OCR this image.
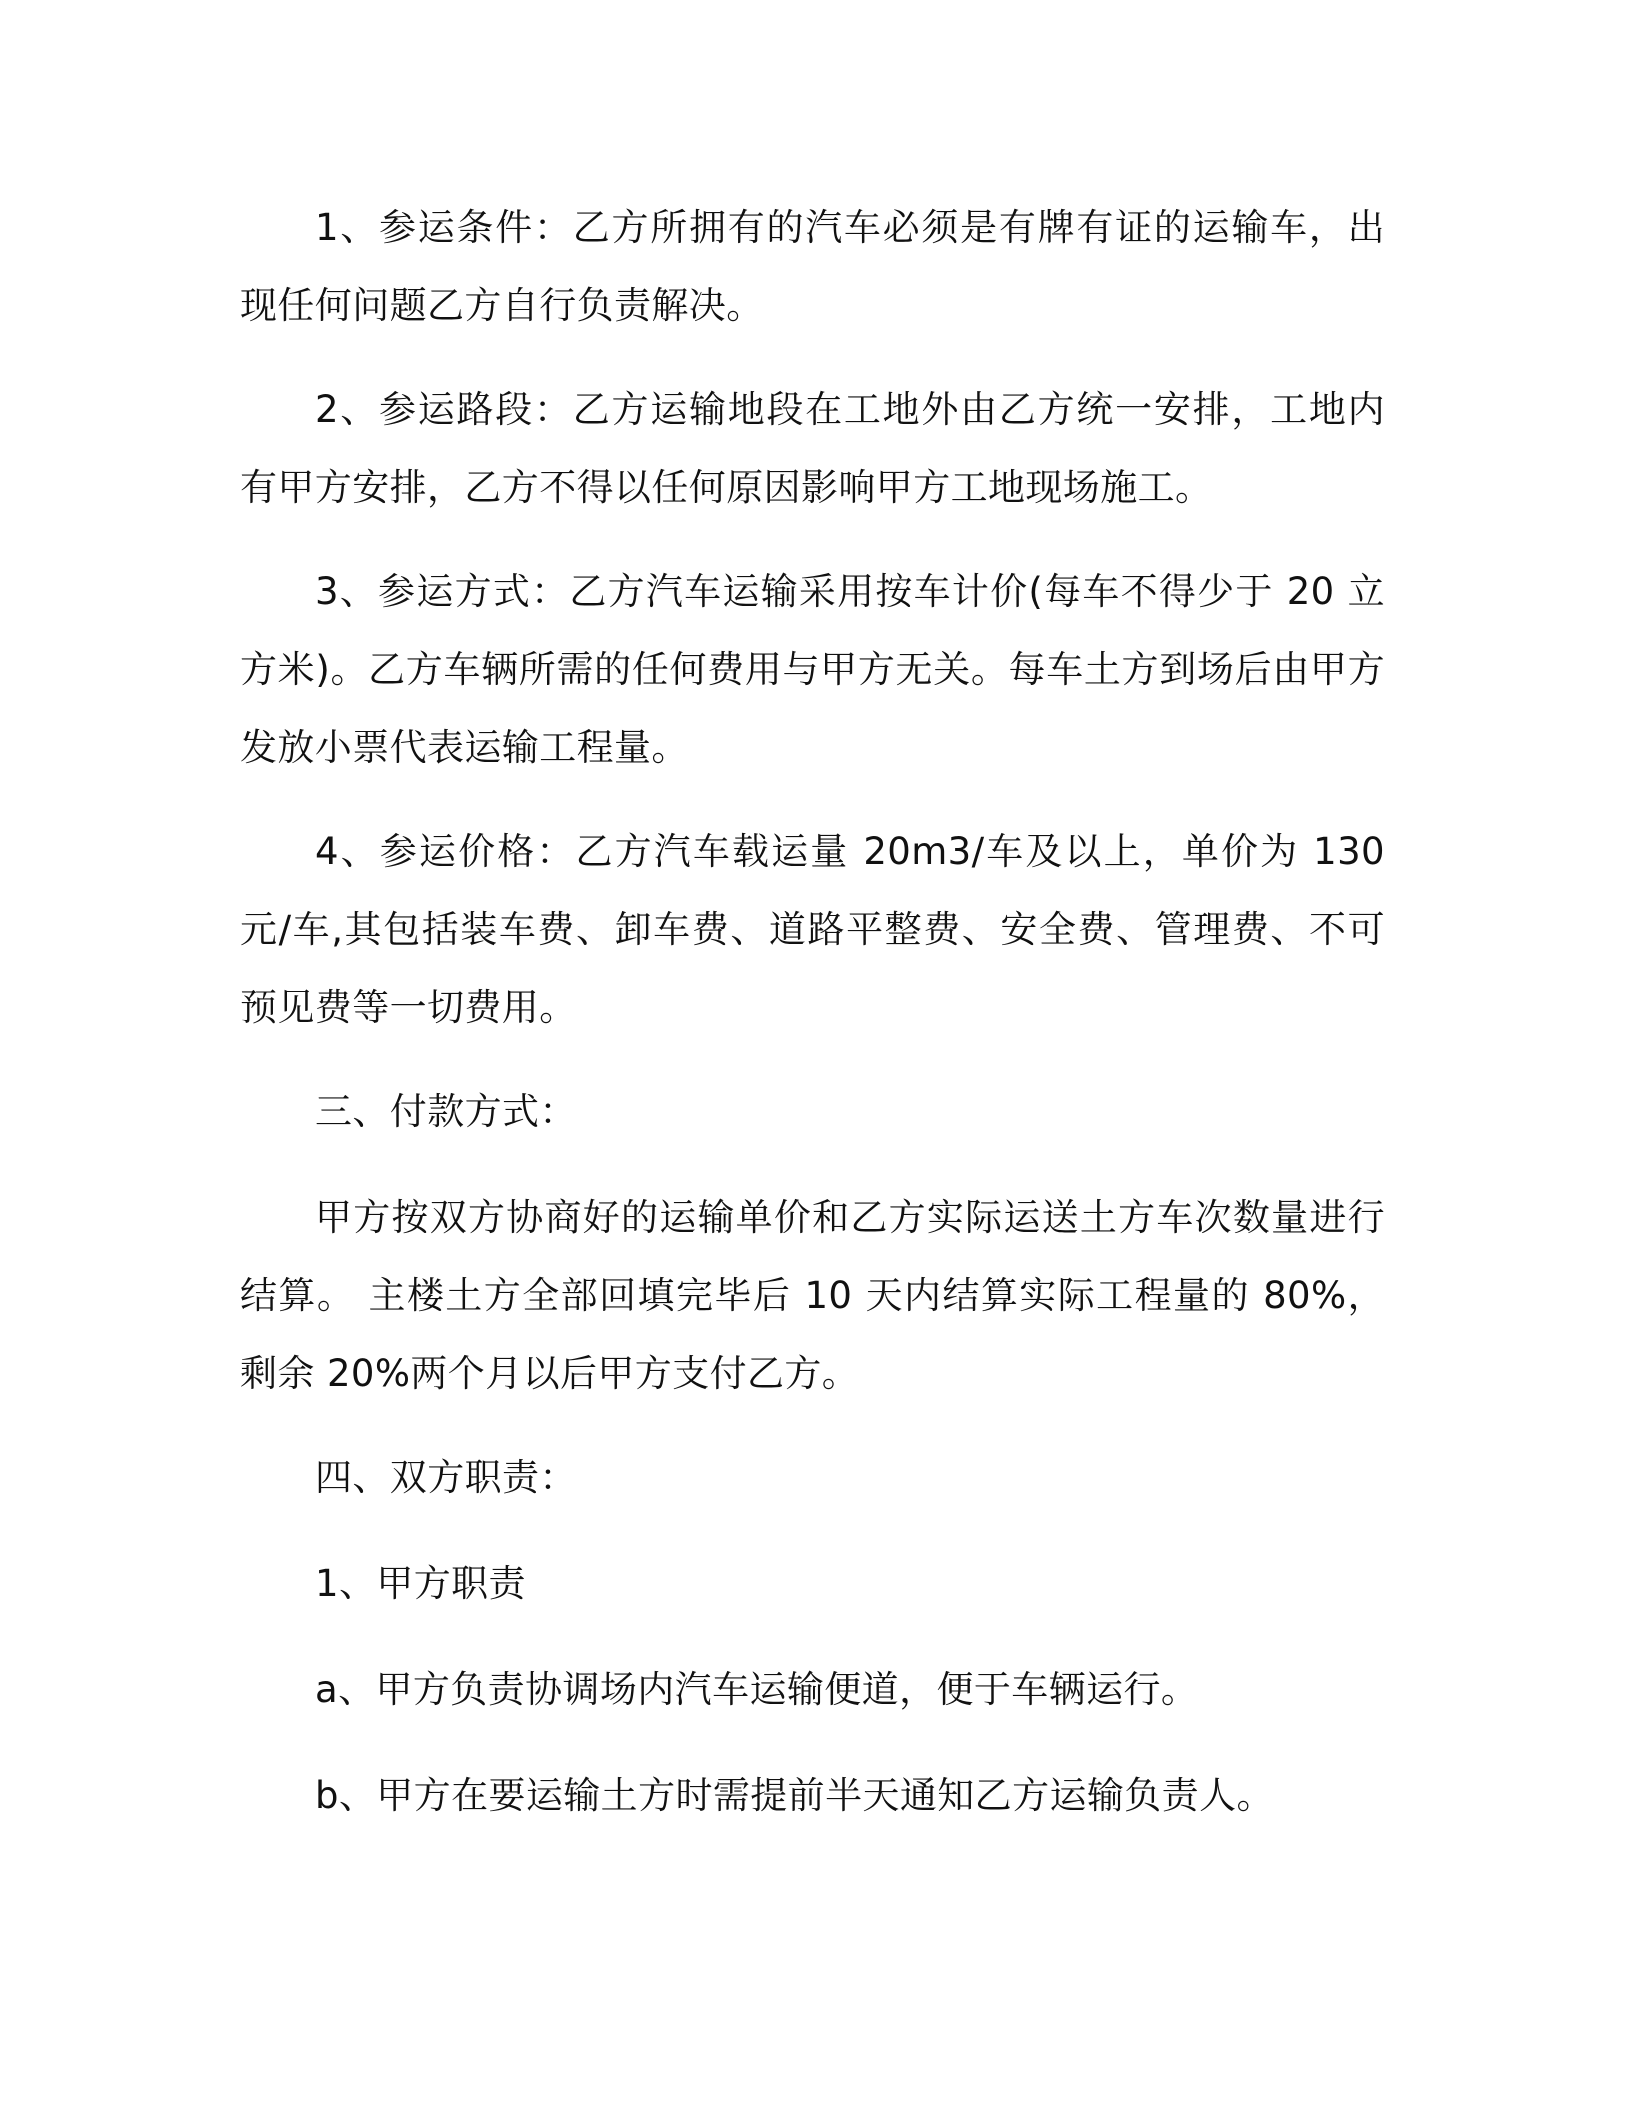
1、参运条件：乙方所拥有的汽车必须是有牌有证的运输车，出现任何问题乙方自行负责解决。

2、参运路段：乙方运输地段在工地外由乙方统一安排，工地内有甲方安排，乙方不得以任何原因影响甲方工地现场施工。

3、参运方式：乙方汽车运输采用按车计价(每车不得少于 20 立方米)。乙方车辆所需的任何费用与甲方无关。每车土方到场后由甲方发放小票代表运输工程量。

4、参运价格：乙方汽车载运量 20m3/车及以上，单价为 130 元/车,其包括装车费、卸车费、道路平整费、安全费、管理费、不可预见费等一切费用。

三、付款方式：

甲方按双方协商好的运输单价和乙方实际运送土方车次数量进行结算。 主楼土方全部回填完毕后 10 天内结算实际工程量的 80%，剩余 20%两个月以后甲方支付乙方。

四、双方职责：

1、甲方职责

a、甲方负责协调场内汽车运输便道，便于车辆运行。

b、甲方在要运输土方时需提前半天通知乙方运输负责人。
